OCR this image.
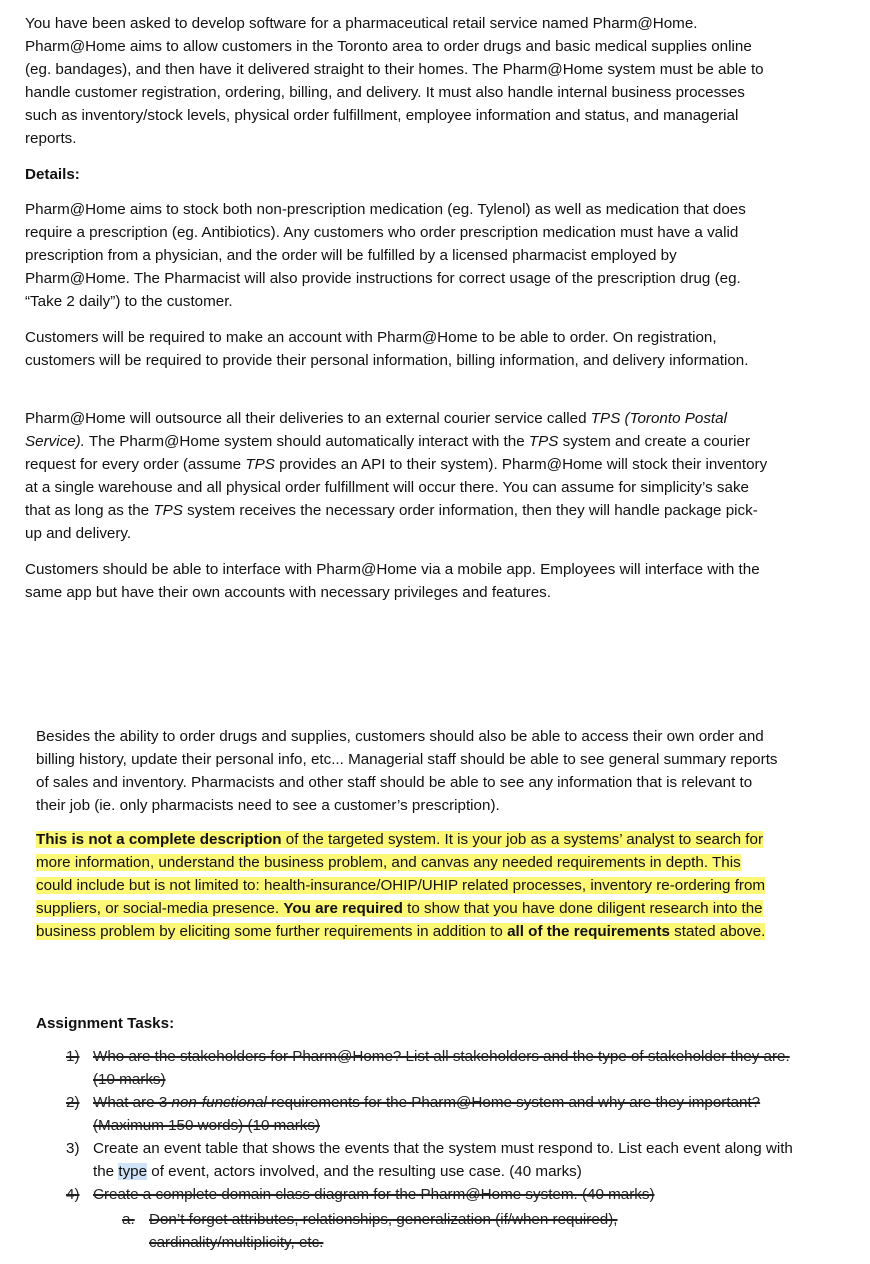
You have been asked to develop software for a pharmaceutical retail service named Pharm@Home. Pharm@Home aims to allow customers in the Toronto area to order drugs and basic medical supplies online (eg. bandages), and then have it delivered straight to their homes. The Pharm@Home system must be able to handle customer registration, ordering, billing, and delivery. It must also handle internal business processes such as inventory/stock levels, physical order fulfillment, employee information and status, and managerial reports.

Details:

Pharm@Home aims to stock both non-prescription medication (eg. Tylenol) as well as medication that does require a prescription (eg. Antibiotics). Any customers who order prescription medication must have a valid prescription from a physician, and the order will be fulfilled by a licensed pharmacist employed by Pharm@Home. The Pharmacist will also provide instructions for correct usage of the prescription drug (eg. “Take 2 daily”) to the customer.

Customers will be required to make an account with Pharm@Home to be able to order. On registration, customers will be required to provide their personal information, billing information, and delivery information.

Pharm@Home will outsource all their deliveries to an external courier service called TPS (Toronto Postal Service). The Pharm@Home system should automatically interact with the TPS system and create a courier request for every order (assume TPS provides an API to their system). Pharm@Home will stock their inventory at a single warehouse and all physical order fulfillment will occur there. You can assume for simplicity’s sake that as long as the TPS system receives the necessary order information, then they will handle package pick-up and delivery.

Customers should be able to interface with Pharm@Home via a mobile app. Employees will interface with the same app but have their own accounts with necessary privileges and features.

Besides the ability to order drugs and supplies, customers should also be able to access their own order and billing history, update their personal info, etc... Managerial staff should be able to see general summary reports of sales and inventory. Pharmacists and other staff should be able to see any information that is relevant to their job (ie. only pharmacists need to see a customer’s prescription).

This is not a complete description of the targeted system. It is your job as a systems’ analyst to search for more information, understand the business problem, and canvas any needed requirements in depth. This could include but is not limited to: health-insurance/OHIP/UHIP related processes, inventory re-ordering from suppliers, or social-media presence. You are required to show that you have done diligent research into the business problem by eliciting some further requirements in addition to all of the requirements stated above.

Assignment Tasks:

1) Who are the stakeholders for Pharm@Home? List all stakeholders and the type of stakeholder they are. (10 marks)
2) What are 3 non-functional requirements for the Pharm@Home system and why are they important? (Maximum 150 words) (10 marks)
3) Create an event table that shows the events that the system must respond to. List each event along with the type of event, actors involved, and the resulting use case. (40 marks)
4) Create a complete domain class diagram for the Pharm@Home system. (40 marks)
a. Don’t forget attributes, relationships, generalization (if/when required), cardinality/multiplicity, etc.
